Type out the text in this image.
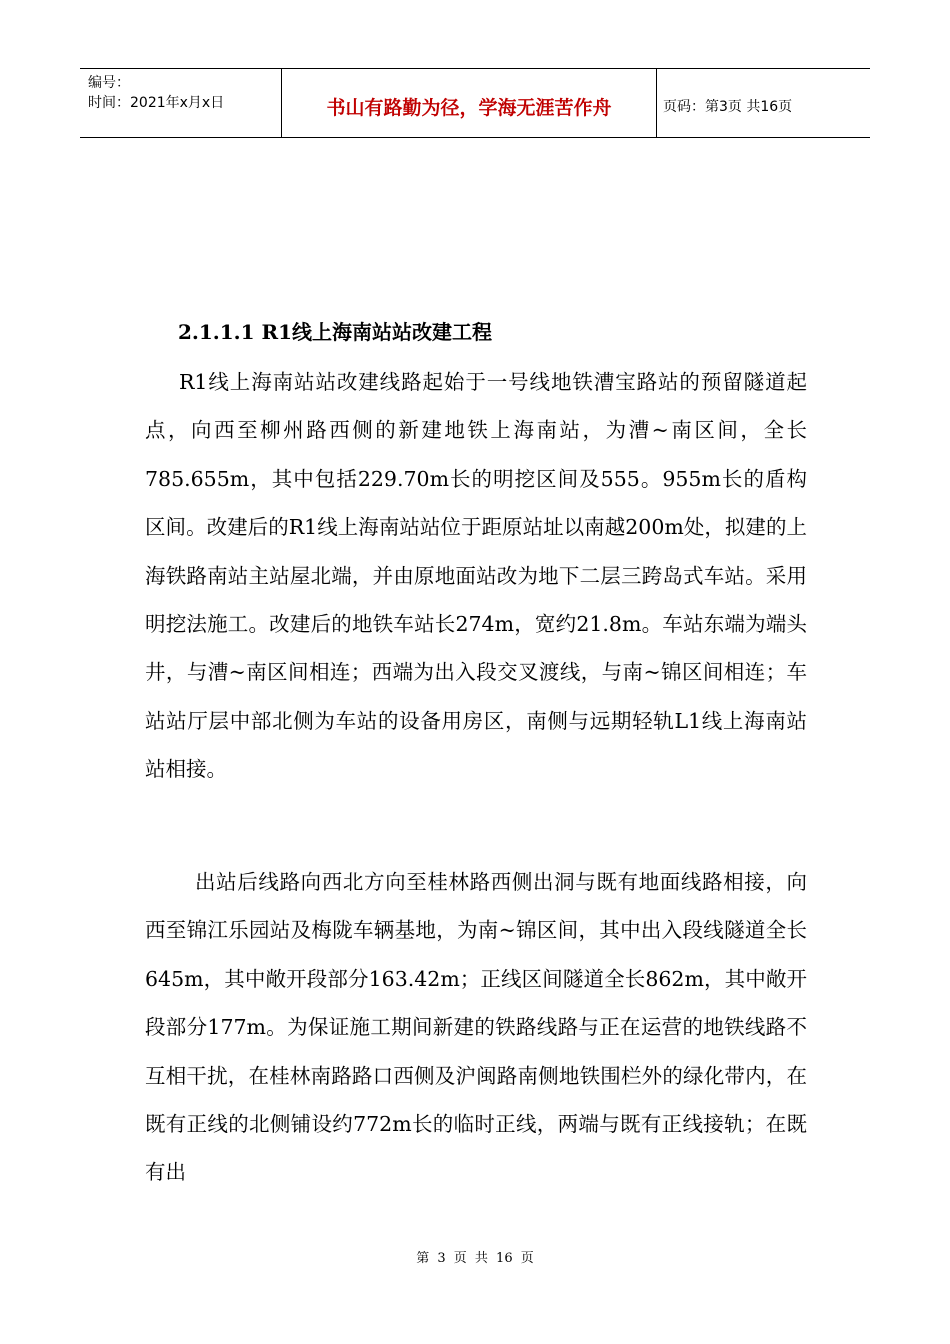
编号：
时间：2021年x月x日	书山有路勤为径，学海无涯苦作舟	页码：第3页 共16页
2.1.1.1 R1线上海南站站改建工程

R1线上海南站站改建线路起始于一号线地铁漕宝路站的预留隧道起点，向西至柳州路西侧的新建地铁上海南站，为漕~南区间，全长785.655m，其中包括229.70m长的明挖区间及555。955m长的盾构区间。改建后的R1线上海南站站位于距原站址以南越200m处，拟建的上海铁路南站主站屋北端，并由原地面站改为地下二层三跨岛式车站。采用明挖法施工。改建后的地铁车站长274m，宽约21.8m。车站东端为端头井，与漕~南区间相连；西端为出入段交叉渡线，与南~锦区间相连；车站站厅层中部北侧为车站的设备用房区，南侧与远期轻轨L1线上海南站站相接。

出站后线路向西北方向至桂林路西侧出洞与既有地面线路相接，向西至锦江乐园站及梅陇车辆基地，为南~锦区间，其中出入段线隧道全长645m，其中敞开段部分163.42m；正线区间隧道全长862m，其中敞开段部分177m。为保证施工期间新建的铁路线路与正在运营的地铁线路不互相干扰，在桂林南路路口西侧及沪闽路南侧地铁围栏外的绿化带内，在既有正线的北侧铺设约772m长的临时正线，两端与既有正线接轨；在既有出

第 3 页 共 16 页
